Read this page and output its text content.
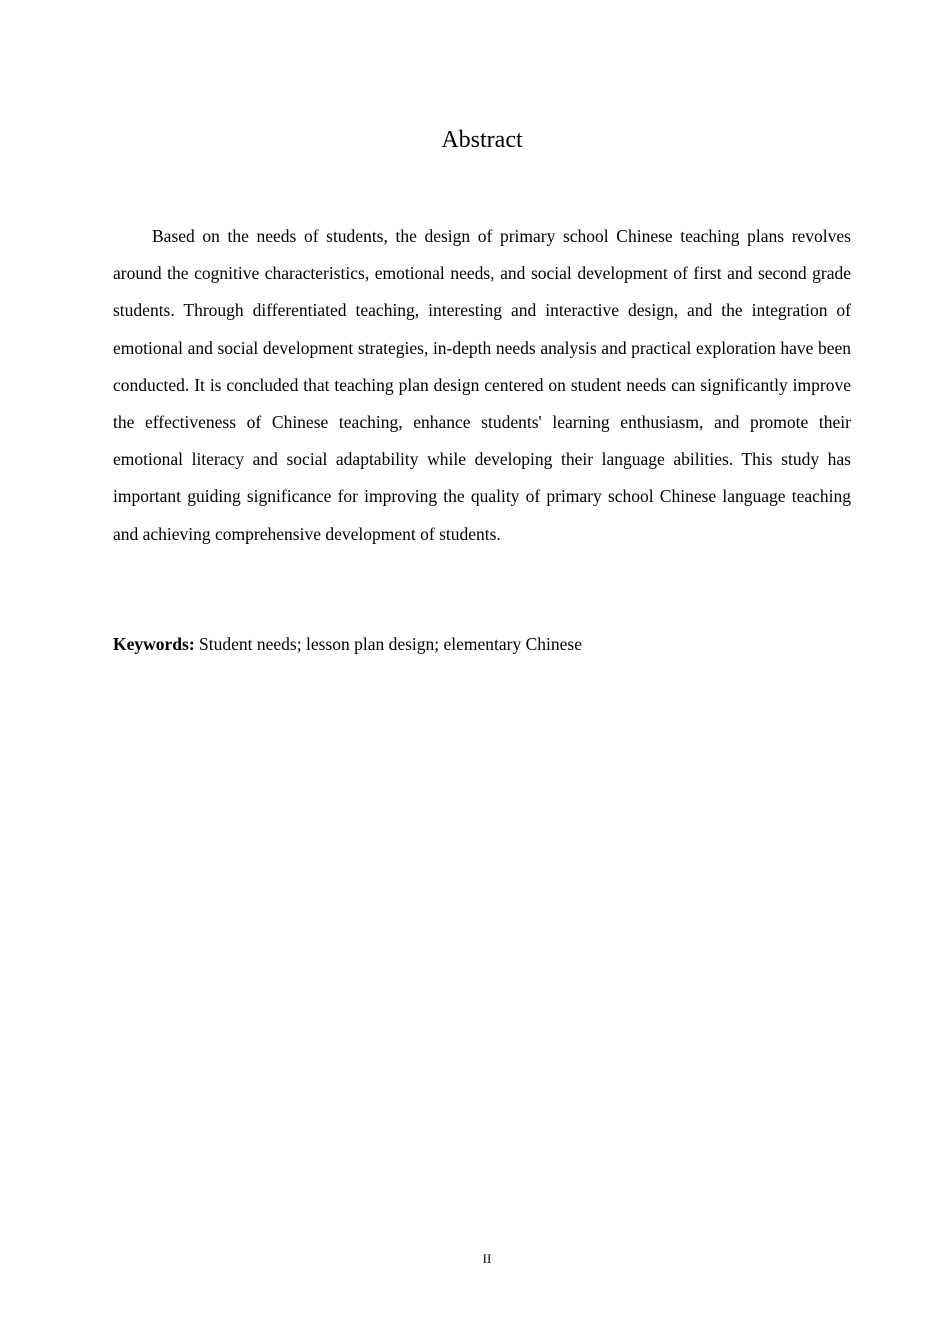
Abstract

Based on the needs of students, the design of primary school Chinese teaching plans revolves around the cognitive characteristics, emotional needs, and social development of first and second grade students. Through differentiated teaching, interesting and interactive design, and the integration of emotional and social development strategies, in-depth needs analysis and practical exploration have been conducted. It is concluded that teaching plan design centered on student needs can significantly improve the effectiveness of Chinese teaching, enhance students' learning enthusiasm, and promote their emotional literacy and social adaptability while developing their language abilities. This study has important guiding significance for improving the quality of primary school Chinese language teaching and achieving comprehensive development of students.

Keywords: Student needs; lesson plan design; elementary Chinese

II
